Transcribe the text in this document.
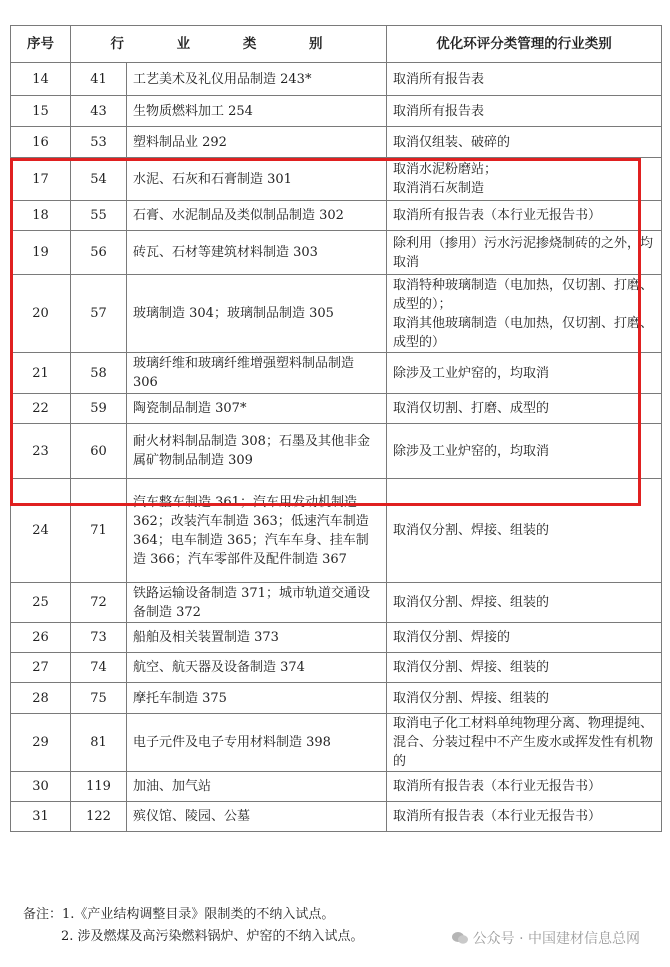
序号	行 业 类 别		优化环评分类管理的行业类别
14	41	工艺美术及礼仪用品制造 243*	取消所有报告表
15	43	生物质燃料加工 254	取消所有报告表
16	53	塑料制品业 292	取消仅组装、破碎的
17	54	水泥、石灰和石膏制造 301	取消水泥粉磨站；
取消消石灰制造
18	55	石膏、水泥制品及类似制品制造 302	取消所有报告表（本行业无报告书）
19	56	砖瓦、石材等建筑材料制造 303	除利用（掺用）污水污泥掺烧制砖的之外，均取消
20	57	玻璃制造 304；玻璃制品制造 305	取消特种玻璃制造（电加热，仅切割、打磨、成型的）；
取消其他玻璃制造（电加热，仅切割、打磨、成型的）
21	58	玻璃纤维和玻璃纤维增强塑料制品制造 306	除涉及工业炉窑的，均取消
22	59	陶瓷制品制造 307*	取消仅切割、打磨、成型的
23	60	耐火材料制品制造 308；石墨及其他非金属矿物制品制造 309	除涉及工业炉窑的，均取消
24	71	汽车整车制造 361；汽车用发动机制造 362；改装汽车制造 363；低速汽车制造 364；电车制造 365；汽车车身、挂车制造 366；汽车零部件及配件制造 367	取消仅分割、焊接、组装的
25	72	铁路运输设备制造 371；城市轨道交通设备制造 372	取消仅分割、焊接、组装的
26	73	船舶及相关装置制造 373	取消仅分割、焊接的
27	74	航空、航天器及设备制造 374	取消仅分割、焊接、组装的
28	75	摩托车制造 375	取消仅分割、焊接、组装的
29	81	电子元件及电子专用材料制造 398	取消电子化工材料单纯物理分离、物理提纯、混合、分装过程中不产生废水或挥发性有机物的
30	119	加油、加气站	取消所有报告表（本行业无报告书）
31	122	殡仪馆、陵园、公墓	取消所有报告表（本行业无报告书）
备注：1.《产业结构调整目录》限制类的不纳入试点。
2. 涉及燃煤及高污染燃料锅炉、炉窑的不纳入试点。	公众号 · 中国建材信息总网
